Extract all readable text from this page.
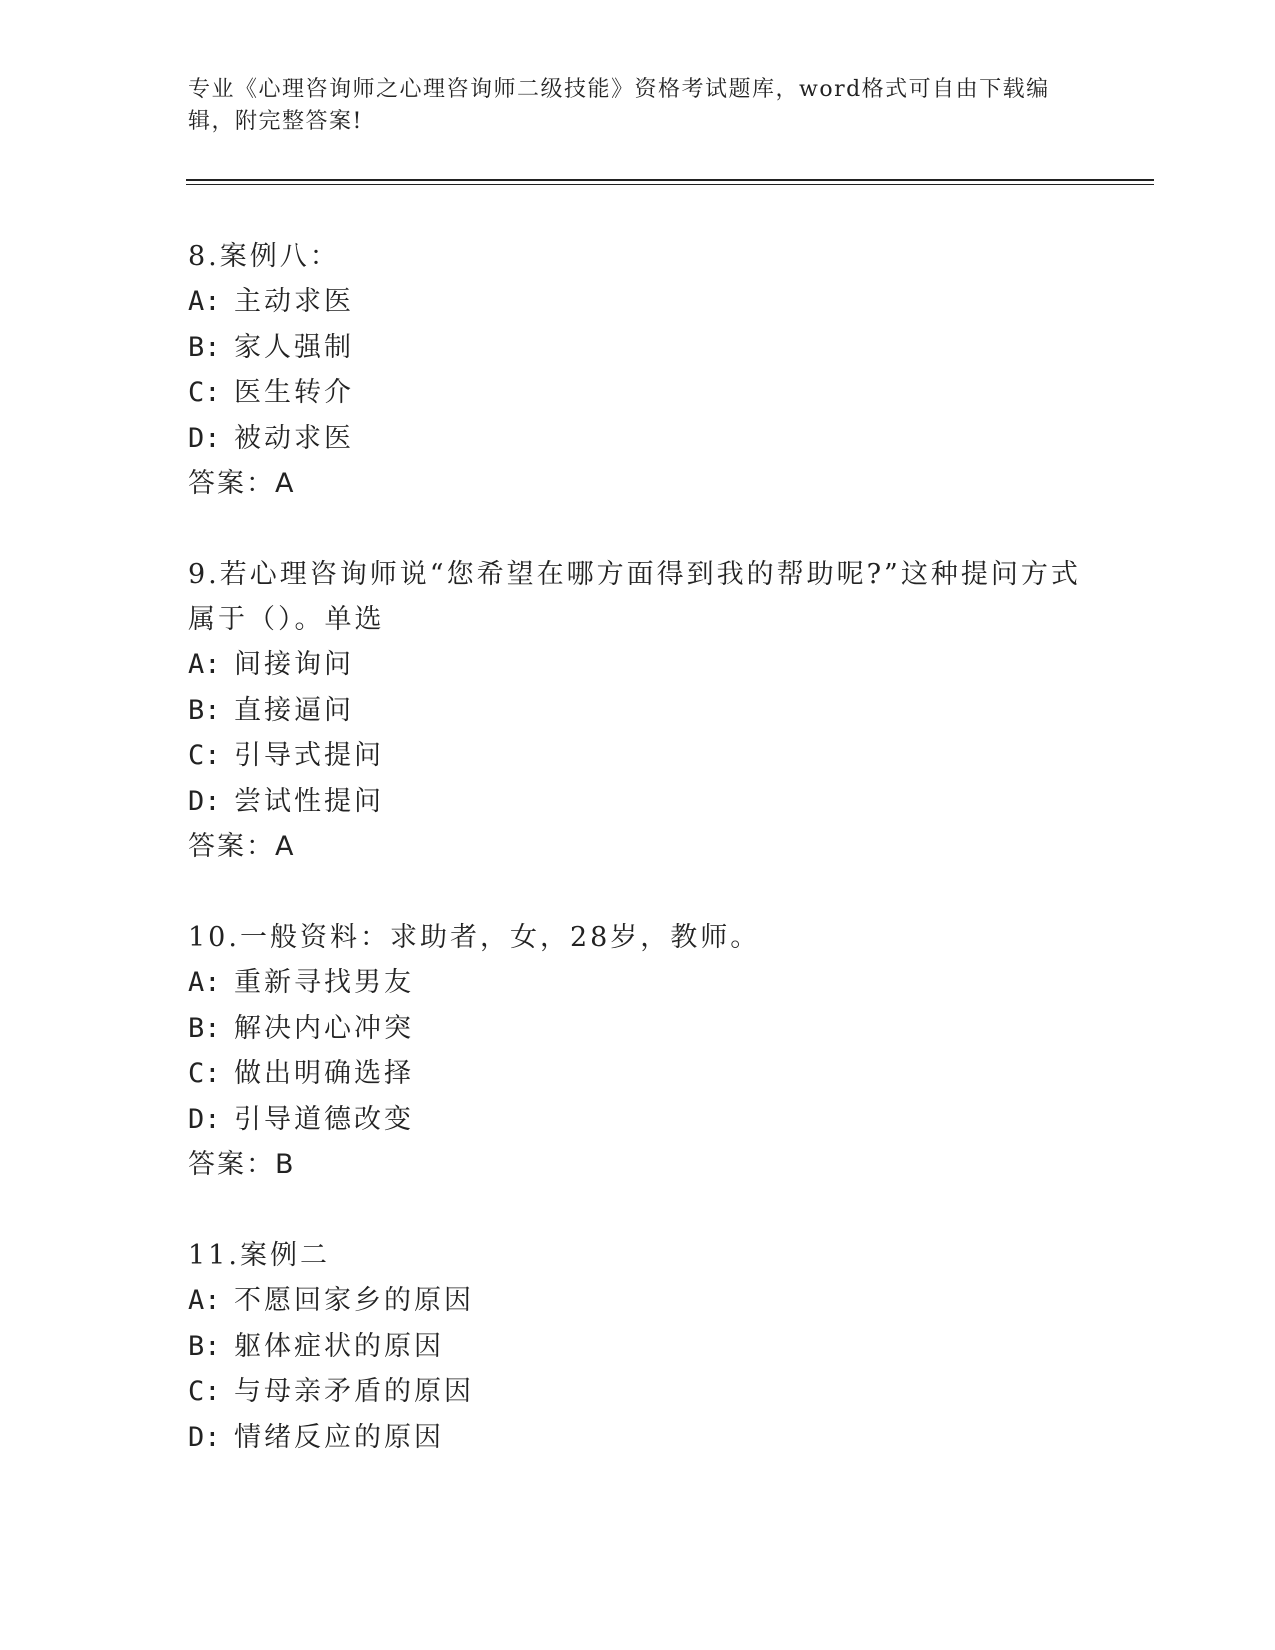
专业《心理咨询师之心理咨询师二级技能》资格考试题库，word格式可自由下载编辑，附完整答案!

8.案例八：

A: 主动求医

B: 家人强制

C: 医生转介

D: 被动求医

答案：A

9.若心理咨询师说“您希望在哪方面得到我的帮助呢?”这种提问方式属于（）。单选

A: 间接询问

B: 直接逼问

C: 引导式提问

D: 尝试性提问

答案：A

10.一般资料：求助者，女，28岁，教师。

A: 重新寻找男友

B: 解决内心冲突

C: 做出明确选择

D: 引导道德改变

答案：B

11.案例二

A: 不愿回家乡的原因

B: 躯体症状的原因

C: 与母亲矛盾的原因

D: 情绪反应的原因
